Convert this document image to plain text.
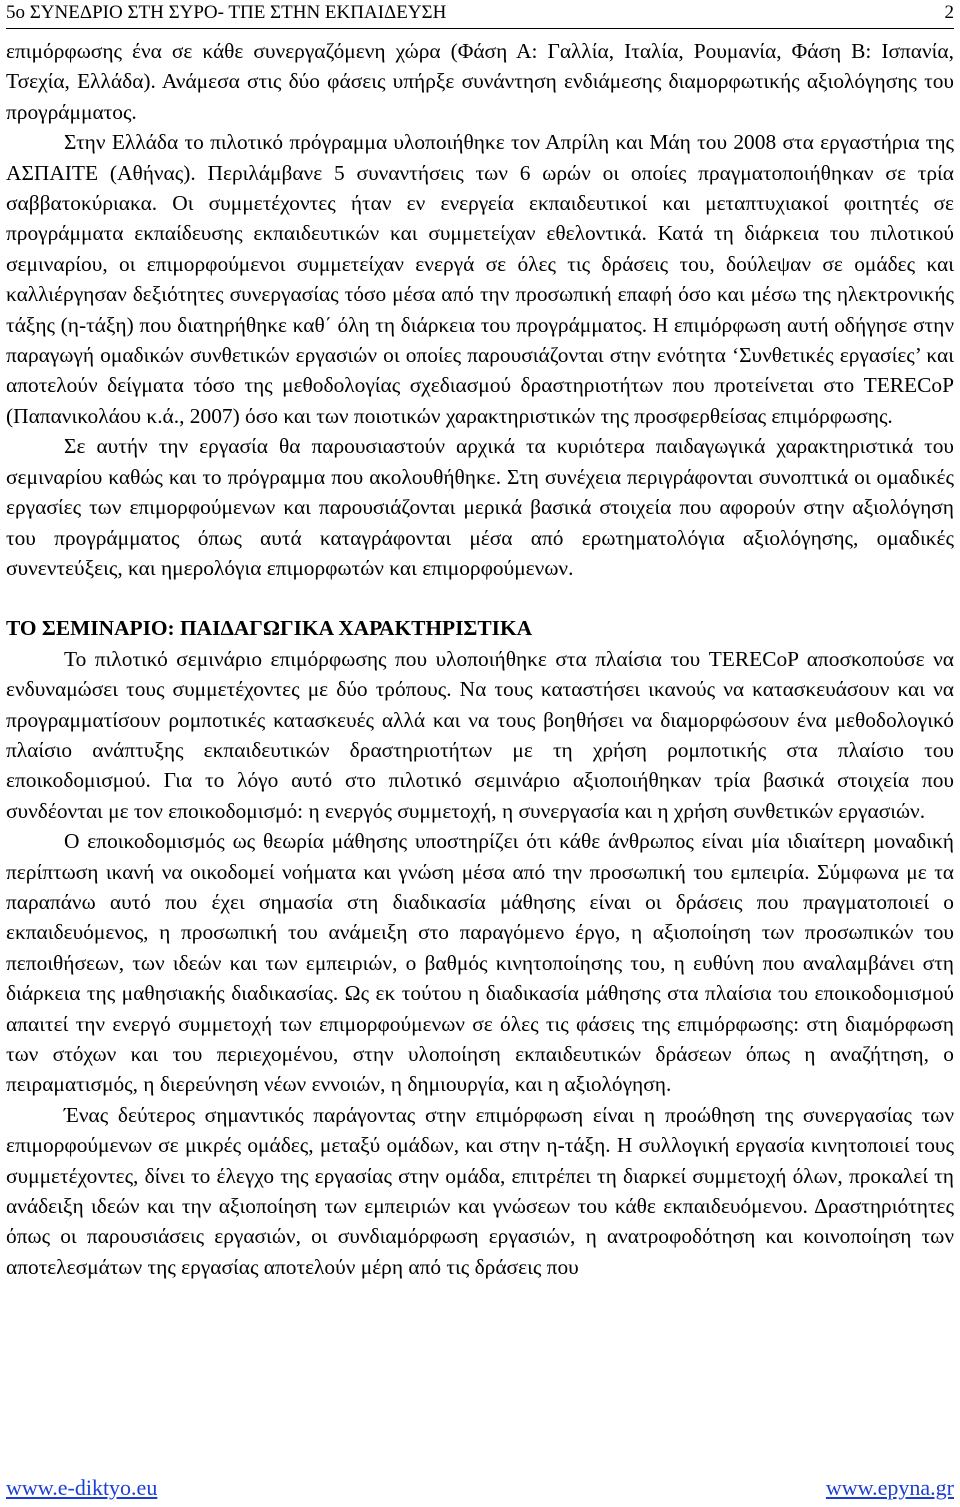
5ο ΣΥΝΕΔΡΙΟ ΣΤΗ ΣΥΡΟ- ΤΠΕ ΣΤΗΝ ΕΚΠΑΙΔΕΥΣΗ	2

επιμόρφωσης ένα σε κάθε συνεργαζόμενη χώρα (Φάση Α: Γαλλία, Ιταλία, Ρουμανία, Φάση Β: Ισπανία, Τσεχία, Ελλάδα). Ανάμεσα στις δύο φάσεις υπήρξε συνάντηση ενδιάμεσης διαμορφωτικής αξιολόγησης του προγράμματος.

Στην Ελλάδα το πιλοτικό πρόγραμμα υλοποιήθηκε τον Απρίλη και Μάη του 2008 στα εργαστήρια της ΑΣΠΑΙΤΕ (Αθήνας). Περιλάμβανε 5 συναντήσεις των 6 ωρών οι οποίες πραγματοποιήθηκαν σε τρία σαββατοκύριακα. Οι συμμετέχοντες ήταν εν ενεργεία εκπαιδευτικοί και μεταπτυχιακοί φοιτητές σε προγράμματα εκπαίδευσης εκπαιδευτικών και συμμετείχαν εθελοντικά. Κατά τη διάρκεια του πιλοτικού σεμιναρίου, οι επιμορφούμενοι συμμετείχαν ενεργά σε όλες τις δράσεις του, δούλεψαν σε ομάδες και καλλιέργησαν δεξιότητες συνεργασίας τόσο μέσα από την προσωπική επαφή όσο και μέσω της ηλεκτρονικής τάξης (η-τάξη) που διατηρήθηκε καθ΄ όλη τη διάρκεια του προγράμματος. Η επιμόρφωση αυτή οδήγησε στην παραγωγή ομαδικών συνθετικών εργασιών οι οποίες παρουσιάζονται στην ενότητα ‘Συνθετικές εργασίες’ και αποτελούν δείγματα τόσο της μεθοδολογίας σχεδιασμού δραστηριοτήτων που προτείνεται στο TERECoP (Παπανικολάου κ.ά., 2007) όσο και των ποιοτικών χαρακτηριστικών της προσφερθείσας επιμόρφωσης.

Σε αυτήν την εργασία θα παρουσιαστούν αρχικά τα κυριότερα παιδαγωγικά χαρακτηριστικά του σεμιναρίου καθώς και το πρόγραμμα που ακολουθήθηκε. Στη συνέχεια περιγράφονται συνοπτικά οι ομαδικές εργασίες των επιμορφούμενων και παρουσιάζονται μερικά βασικά στοιχεία που αφορούν στην αξιολόγηση του προγράμματος όπως αυτά καταγράφονται μέσα από ερωτηματολόγια αξιολόγησης, ομαδικές συνεντεύξεις, και ημερολόγια επιμορφωτών και επιμορφούμενων.

ΤΟ ΣΕΜΙΝΑΡΙΟ: ΠΑΙΔΑΓΩΓΙΚΑ ΧΑΡΑΚΤΗΡΙΣΤΙΚΑ

Το πιλοτικό σεμινάριο επιμόρφωσης που υλοποιήθηκε στα πλαίσια του TERECoP αποσκοπούσε να ενδυναμώσει τους συμμετέχοντες με δύο τρόπους. Να τους καταστήσει ικανούς να κατασκευάσουν και να προγραμματίσουν ρομποτικές κατασκευές αλλά και να τους βοηθήσει να διαμορφώσουν ένα μεθοδολογικό πλαίσιο ανάπτυξης εκπαιδευτικών δραστηριοτήτων με τη χρήση ρομποτικής στα πλαίσιο του εποικοδομισμού. Για το λόγο αυτό στο πιλοτικό σεμινάριο αξιοποιήθηκαν τρία βασικά στοιχεία που συνδέονται με τον εποικοδομισμό: η ενεργός συμμετοχή, η συνεργασία και η χρήση συνθετικών εργασιών.

Ο εποικοδομισμός ως θεωρία μάθησης υποστηρίζει ότι κάθε άνθρωπος είναι μία ιδιαίτερη μοναδική περίπτωση ικανή να οικοδομεί νοήματα και γνώση μέσα από την προσωπική του εμπειρία. Σύμφωνα με τα παραπάνω αυτό που έχει σημασία στη διαδικασία μάθησης είναι οι δράσεις που πραγματοποιεί ο εκπαιδευόμενος, η προσωπική του ανάμειξη στο παραγόμενο έργο, η αξιοποίηση των προσωπικών του πεποιθήσεων, των ιδεών και των εμπειριών, ο βαθμός κινητοποίησης του, η ευθύνη που αναλαμβάνει στη διάρκεια της μαθησιακής διαδικασίας. Ως εκ τούτου η διαδικασία μάθησης στα πλαίσια του εποικοδομισμού απαιτεί την ενεργό συμμετοχή των επιμορφούμενων σε όλες τις φάσεις της επιμόρφωσης: στη διαμόρφωση των στόχων και του περιεχομένου, στην υλοποίηση εκπαιδευτικών δράσεων όπως η αναζήτηση, ο πειραματισμός, η διερεύνηση νέων εννοιών, η δημιουργία, και η αξιολόγηση.

Ένας δεύτερος σημαντικός παράγοντας στην επιμόρφωση είναι η προώθηση της συνεργασίας των επιμορφούμενων σε μικρές ομάδες, μεταξύ ομάδων, και στην η-τάξη. Η συλλογική εργασία κινητοποιεί τους συμμετέχοντες, δίνει το έλεγχο της εργασίας στην ομάδα, επιτρέπει τη διαρκεί συμμετοχή όλων, προκαλεί τη ανάδειξη ιδεών και την αξιοποίηση των εμπειριών και γνώσεων του κάθε εκπαιδευόμενου. Δραστηριότητες όπως οι παρουσιάσεις εργασιών, οι συνδιαμόρφωση εργασιών, η ανατροφοδότηση και κοινοποίηση των αποτελεσμάτων της εργασίας αποτελούν μέρη από τις δράσεις που

www.e-diktyo.eu	www.epyna.gr
